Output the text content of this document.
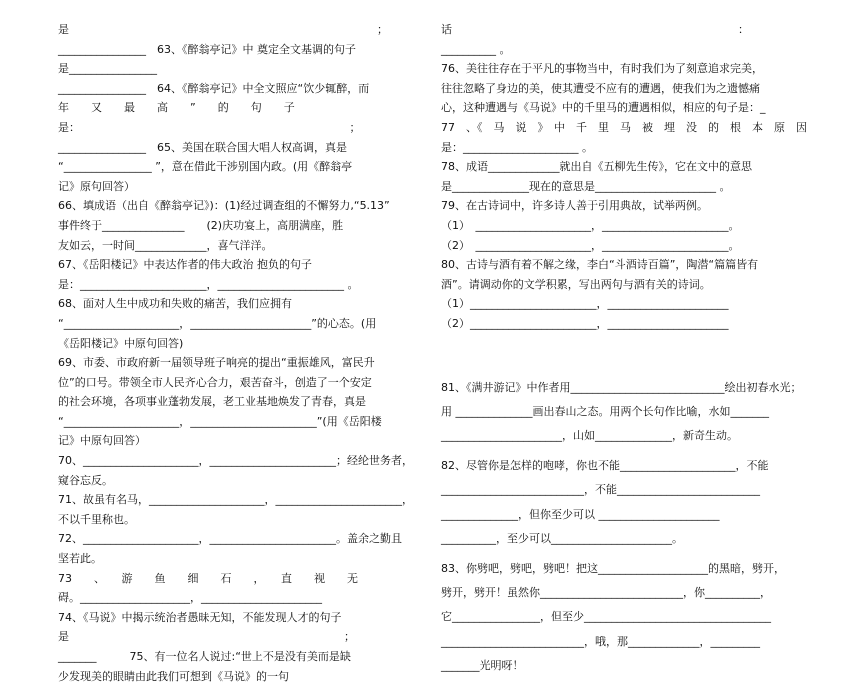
是　　　　　　　　　　　　　　　　　　　　　　　　　　　　；
________________　63、《醉翁亭记》中 奠定全文基调的句子
是________________
________________　64、《醉翁亭记》中全文照应“饮少辄醉，而
年　　又　　最　　高　　”　　的　　句　　子
是：　　　　　　　　　　　　　　　　　　　　　　　　　；
________________　65、美国在联合国大唱人权高调，真是
“________________ ”，意在借此干涉别国内政。(用《醉翁亭
记》原句回答）
66、填成语（出自《醉翁亭记》)：(1)经过调查组的不懈努力,“5.13”
事件终于_______________　　(2)庆功宴上，高朋满座，胜
友如云，一时间_____________，喜气洋洋。
67、《岳阳楼记》中表达作者的伟大政治 抱负的句子
是：_______________________，_______________________ 。
68、面对人生中成功和失败的痛苦，我们应拥有
“_____________________，______________________”的心态。(用
《岳阳楼记》中原句回答)
69、市委、市政府新一届领导班子响亮的提出“重振雄风，富民升
位”的口号。带领全市人民齐心合力，艰苦奋斗，创造了一个安定
的社会环境，各项事业蓬勃发展，老工业基地焕发了青春，真是
“_____________________，_______________________”(用《岳阳楼
记》中原句回答）
70、_____________________，_______________________；经纶世务者，
窥谷忘反。
71、故虽有名马，_____________________，_______________________，
不以千里称也。
72、_____________________，_______________________。盖余之勤且
坚若此。
73　　、　　游　　鱼　　细　　石　　，　　直　　视　　无
碍。____________________，______________________
74、《马说》中揭示统治者愚昧无知，不能发现人才的句子
是　　　　　　　　　　　　　　　　　　　　　　　　　；
_______　　　75、有一位名人说过:“世上不是没有美而是缺
少发现美的眼睛由此我们可想到《马说》的一句
话　　　　　　　　　　　　　　　　　　　　　　　　　　：
__________ 。
76、美往往存在于平凡的事物当中，有时我们为了刻意追求完美，
往往忽略了身边的美，使其遭受不应有的遭遇，使我们为之遗憾痛
心，这种遭遇与《马说》中的千里马的遭遇相似，相应的句子是：_
77　、《　马　说　》　中　千　里　马　被　埋　没　的　根　本　原　因
是：_____________________ 。
78、成语_____________就出自《五柳先生传》，它在文中的意思
是______________现在的意思是______________________ 。
79、在古诗词中，许多诗人善于引用典故，试举两例。
（1）　_____________________，_______________________。
（2）　_____________________，_______________________。
80、古诗与酒有着不解之缘，李白“斗酒诗百篇”，陶潜“篇篇皆有
酒”。请调动你的文学积累，写出两句与酒有关的诗词。
（1）_______________________，______________________
（2）_______________________，______________________
81、《满井游记》中作者用____________________________绘出初春水光；
用 ______________画出春山之态。用两个长句作比喻，水如_______
______________________，山如______________，新奇生动。
82、尽管你是怎样的咆哮，你也不能_____________________，不能
__________________________，不能__________________________
______________，但你至少可以 ______________________
__________，至少可以______________________。
83、你劈吧，劈吧，劈吧！把这____________________的黑暗，劈开，
劈开，劈开！虽然你__________________________，你__________，
它________________，但至少__________________________________
__________________________，哦，那_____________，_________
_______光明呀！
